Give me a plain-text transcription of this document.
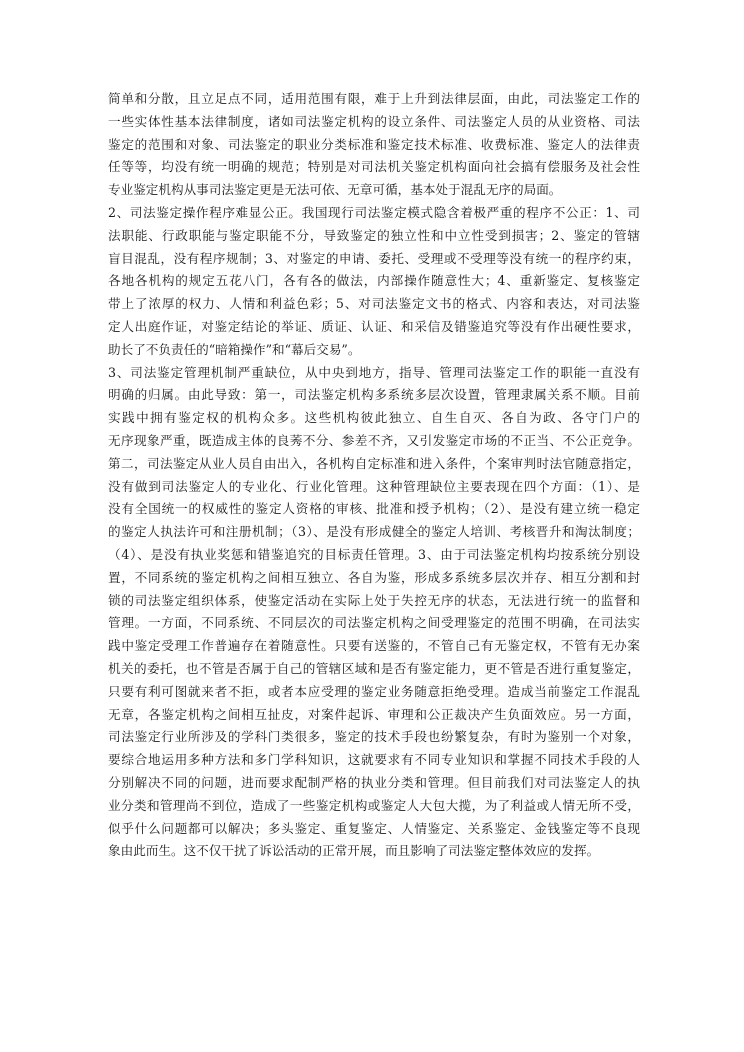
简单和分散，且立足点不同，适用范围有限，难于上升到法律层面，由此，司法鉴定工作的
一些实体性基本法律制度，诸如司法鉴定机构的设立条件、司法鉴定人员的从业资格、司法
鉴定的范围和对象、司法鉴定的职业分类标准和鉴定技术标准、收费标准、鉴定人的法律责
任等等，均没有统一明确的规范；特别是对司法机关鉴定机构面向社会搞有偿服务及社会性
专业鉴定机构从事司法鉴定更是无法可依、无章可循，基本处于混乱无序的局面。
2、司法鉴定操作程序难显公正。我国现行司法鉴定模式隐含着极严重的程序不公正：1、司
法职能、行政职能与鉴定职能不分，导致鉴定的独立性和中立性受到损害；2、鉴定的管辖
盲目混乱，没有程序规制；3、对鉴定的申请、委托、受理或不受理等没有统一的程序约束，
各地各机构的规定五花八门，各有各的做法，内部操作随意性大；4、重新鉴定、复核鉴定
带上了浓厚的权力、人情和利益色彩；5、对司法鉴定文书的格式、内容和表达，对司法鉴
定人出庭作证，对鉴定结论的举证、质证、认证、和采信及错鉴追究等没有作出硬性要求，
助长了不负责任的“暗箱操作”和“幕后交易”。
3、司法鉴定管理机制严重缺位，从中央到地方，指导、管理司法鉴定工作的职能一直没有
明确的归属。由此导致：第一，司法鉴定机构多系统多层次设置，管理隶属关系不顺。目前
实践中拥有鉴定权的机构众多。这些机构彼此独立、自生自灭、各自为政、各守门户的
无序现象严重，既造成主体的良莠不分、参差不齐，又引发鉴定市场的不正当、不公正竞争。
第二，司法鉴定从业人员自由出入，各机构自定标准和进入条件，个案审判时法官随意指定，
没有做到司法鉴定人的专业化、行业化管理。这种管理缺位主要表现在四个方面：（1）、是
没有全国统一的权威性的鉴定人资格的审核、批准和授予机构；（2）、是没有建立统一稳定
的鉴定人执法许可和注册机制；（3）、是没有形成健全的鉴定人培训、考核晋升和淘汰制度；
（4）、是没有执业奖惩和错鉴追究的目标责任管理。3、由于司法鉴定机构均按系统分别设
置，不同系统的鉴定机构之间相互独立、各自为鉴，形成多系统多层次并存、相互分割和封
锁的司法鉴定组织体系，使鉴定活动在实际上处于失控无序的状态，无法进行统一的监督和
管理。一方面，不同系统、不同层次的司法鉴定机构之间受理鉴定的范围不明确，在司法实
践中鉴定受理工作普遍存在着随意性。只要有送鉴的，不管自己有无鉴定权，不管有无办案
机关的委托，也不管是否属于自己的管辖区域和是否有鉴定能力，更不管是否进行重复鉴定，
只要有利可图就来者不拒，或者本应受理的鉴定业务随意拒绝受理。造成当前鉴定工作混乱
无章，各鉴定机构之间相互扯皮，对案件起诉、审理和公正裁决产生负面效应。另一方面，
司法鉴定行业所涉及的学科门类很多，鉴定的技术手段也纷繁复杂，有时为鉴别一个对象，
要综合地运用多种方法和多门学科知识，这就要求有不同专业知识和掌握不同技术手段的人
分别解决不同的问题，进而要求配制严格的执业分类和管理。但目前我们对司法鉴定人的执
业分类和管理尚不到位，造成了一些鉴定机构或鉴定人大包大揽，为了利益或人情无所不受，
似乎什么问题都可以解决；多头鉴定、重复鉴定、人情鉴定、关系鉴定、金钱鉴定等不良现
象由此而生。这不仅干扰了诉讼活动的正常开展，而且影响了司法鉴定整体效应的发挥。
